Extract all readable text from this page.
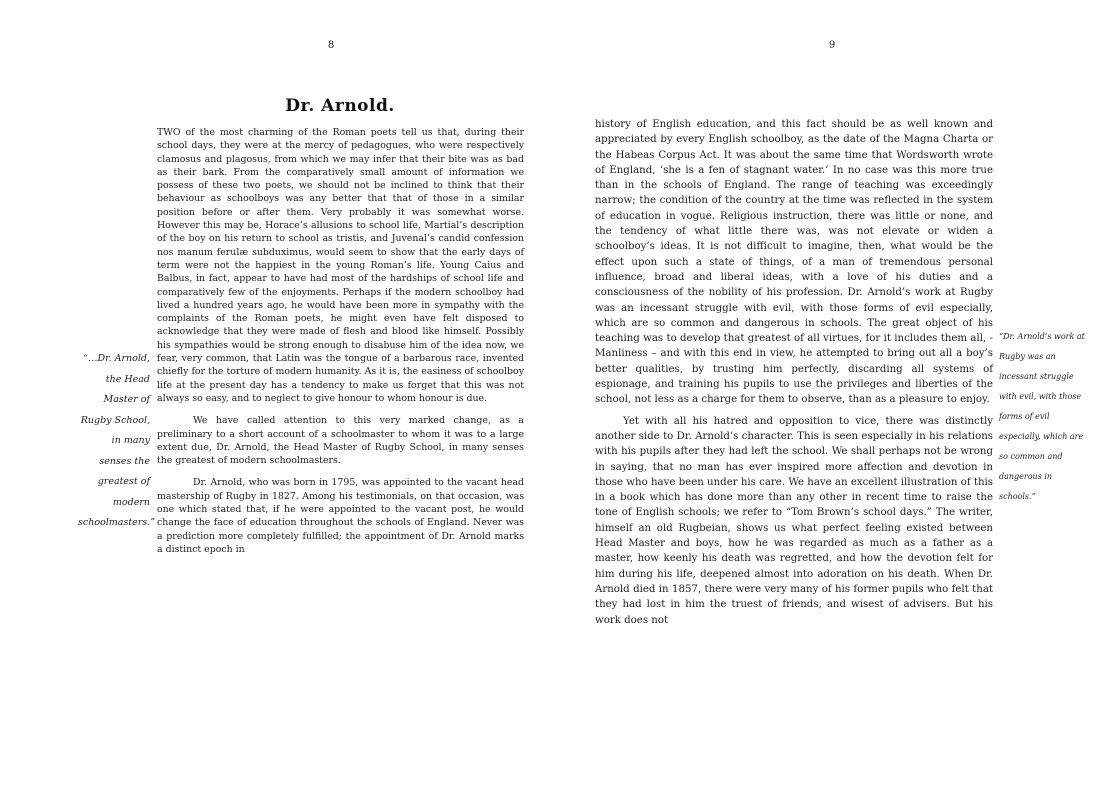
8
Dr. Arnold.

“…Dr. Arnold, the Head Master of Rugby School, in many senses the greatest of modern schoolmasters.”

TWO of the most charming of the Roman poets tell us that, during their school days, they were at the mercy of pedagogues, who were respectively clamosus and plagosus, from which we may infer that their bite was as bad as their bark. From the comparatively small amount of information we possess of these two poets, we should not be inclined to think that their behaviour as schoolboys was any better that that of those in a similar position before or after them. Very probably it was somewhat worse. However this may be, Horace’s allusions to school life, Martial’s description of the boy on his return to school as tristis, and Juvenal’s candid confession nos manum ferulæ subduximus, would seem to show that the early days of term were not the happiest in the young Roman’s life. Young Caius and Balbus, in fact, appear to have had most of the hardships of school life and comparatively few of the enjoyments. Perhaps if the modern schoolboy had lived a hundred years ago, he would have been more in sympathy with the complaints of the Roman poets, he might even have felt disposed to acknowledge that they were made of flesh and blood like himself. Possibly his sympathies would be strong enough to disabuse him of the idea now, we fear, very common, that Latin was the tongue of a barbarous race, invented chiefly for the torture of modern humanity. As it is, the easiness of schoolboy life at the present day has a tendency to make us forget that this was not always so easy, and to neglect to give honour to whom honour is due.

We have called attention to this very marked change, as a preliminary to a short account of a schoolmaster to whom it was to a large extent due, Dr. Arnold, the Head Master of Rugby School, in many senses the greatest of modern schoolmasters.

Dr. Arnold, who was born in 1795, was appointed to the vacant head mastership of Rugby in 1827. Among his testimonials, on that occasion, was one which stated that, if he were appointed to the vacant post, he would change the face of education throughout the schools of England. Never was a prediction more completely fulfilled; the appointment of Dr. Arnold marks a distinct epoch in

9

history of English education, and this fact should be as well known and appreciated by every English schoolboy, as the date of the Magna Charta or the Habeas Corpus Act. It was about the same time that Wordsworth wrote of England, ‘she is a fen of stagnant water.’ In no case was this more true than in the schools of England. The range of teaching was exceedingly narrow; the condition of the country at the time was reflected in the system of education in vogue. Religious instruction, there was little or none, and the tendency of what little there was, was not elevate or widen a schoolboy’s ideas. It is not difficult to imagine, then, what would be the effect upon such a state of things, of a man of tremendous personal influence, broad and liberal ideas, with a love of his duties and a consciousness of the nobility of his profession. Dr. Arnold’s work at Rugby was an incessant struggle with evil, with those forms of evil especially, which are so common and dangerous in schools. The great object of his teaching was to develop that greatest of all virtues, for it includes them all, - Manliness – and with this end in view, he attempted to bring out all a boy’s better qualities, by trusting him perfectly, discarding all systems of espionage, and training his pupils to use the privileges and liberties of the school, not less as a charge for them to observe, than as a pleasure to enjoy.

Yet with all his hatred and opposition to vice, there was distinctly another side to Dr. Arnold’s character. This is seen especially in his relations with his pupils after they had left the school. We shall perhaps not be wrong in saying, that no man has ever inspired more affection and devotion in those who have been under his care. We have an excellent illustration of this in a book which has done more than any other in recent time to raise the tone of English schools; we refer to “Tom Brown’s school days.” The writer, himself an old Rugbeian, shows us what perfect feeling existed between Head Master and boys, how he was regarded as much as a father as a master, how keenly his death was regretted, and how the devotion felt for him during his life, deepened almost into adoration on his death. When Dr. Arnold died in 1857, there were very many of his former pupils who felt that they had lost in him the truest of friends, and wisest of advisers. But his work does not

“Dr. Arnold’s work at Rugby was an incessant struggle with evil, with those forms of evil especially, which are so common and dangerous in schools.”
